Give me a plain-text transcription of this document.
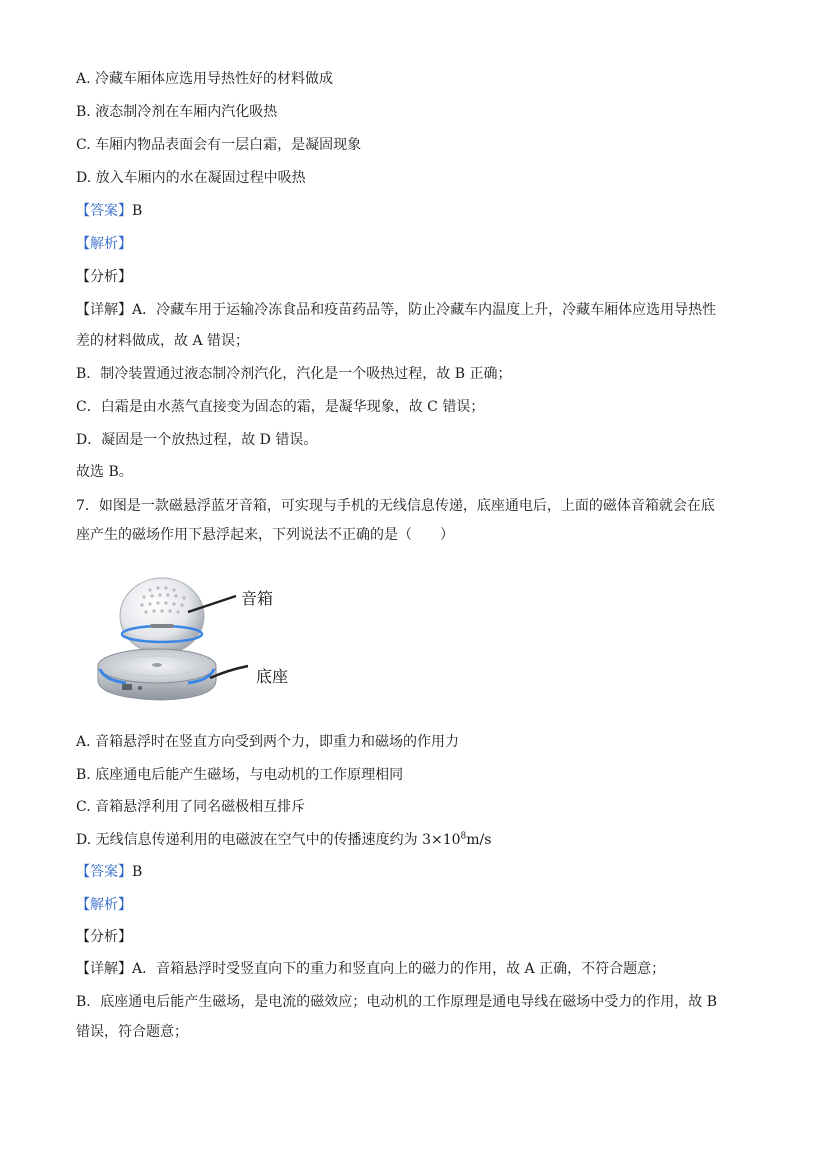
A. 冷藏车厢体应选用导热性好的材料做成
B. 液态制冷剂在车厢内汽化吸热
C. 车厢内物品表面会有一层白霜，是凝固现象
D. 放入车厢内的水在凝固过程中吸热
【答案】B
【解析】
【分析】
【详解】A．冷藏车用于运输冷冻食品和疫苗药品等，防止冷藏车内温度上升，冷藏车厢体应选用导热性
差的材料做成，故 A 错误；
B．制冷装置通过液态制冷剂汽化，汽化是一个吸热过程，故 B 正确；
C．白霜是由水蒸气直接变为固态的霜，是凝华现象，故 C 错误；
D．凝固是一个放热过程，故 D 错误。
故选 B。
7．如图是一款磁悬浮蓝牙音箱，可实现与手机的无线信息传递，底座通电后，上面的磁体音箱就会在底
座产生的磁场作用下悬浮起来，下列说法不正确的是（　　）
音箱
底座
A. 音箱悬浮时在竖直方向受到两个力，即重力和磁场的作用力
B. 底座通电后能产生磁场，与电动机的工作原理相同
C. 音箱悬浮利用了同名磁极相互排斥
D. 无线信息传递利用的电磁波在空气中的传播速度约为 $3\times 10^8m/s$
【答案】B
【解析】
【分析】
【详解】A．音箱悬浮时受竖直向下的重力和竖直向上的磁力的作用，故 A 正确，不符合题意；
B．底座通电后能产生磁场，是电流的磁效应；电动机的工作原理是通电导线在磁场中受力的作用，故 B
错误，符合题意；
